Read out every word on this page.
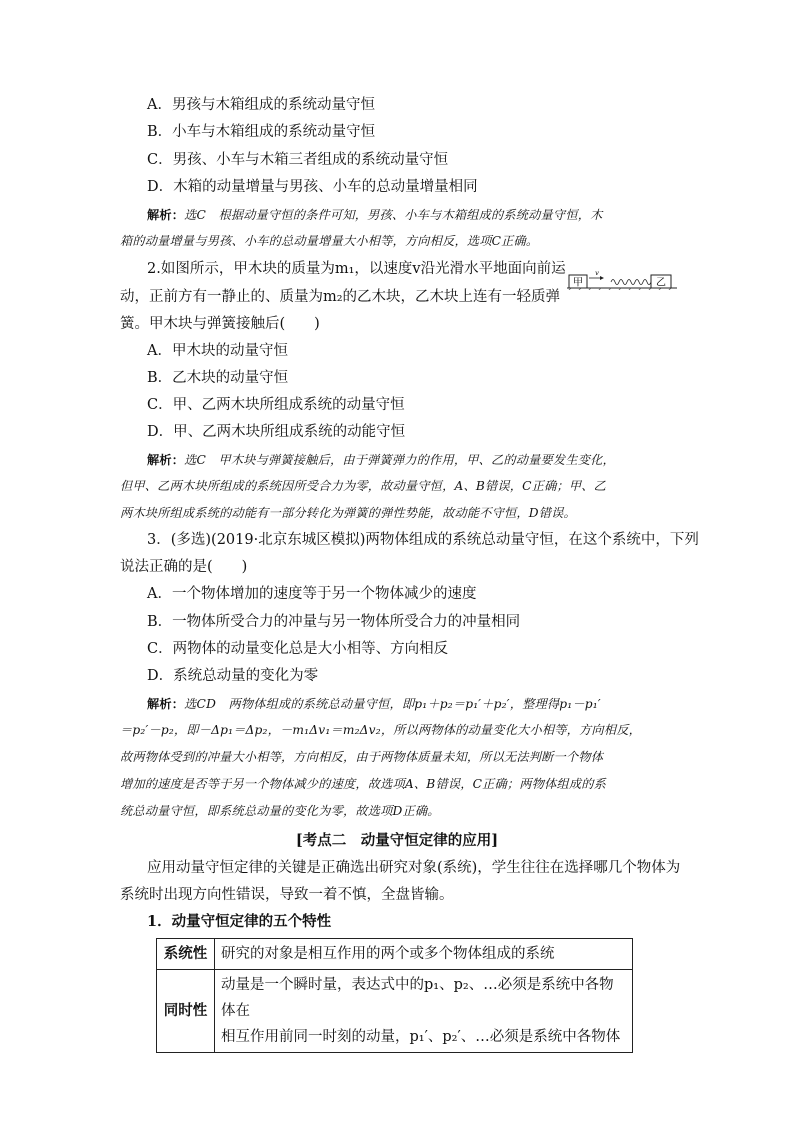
A．男孩与木箱组成的系统动量守恒
B．小车与木箱组成的系统动量守恒
C．男孩、小车与木箱三者组成的系统动量守恒
D．木箱的动量增量与男孩、小车的总动量增量相同
解析：选C　根据动量守恒的条件可知，男孩、小车与木箱组成的系统动量守恒，木
箱的动量增量与男孩、小车的总动量增量大小相等，方向相反，选项C正确。
2.如图所示，甲木块的质量为m₁，以速度v沿光滑水平地面向前运
动，正前方有一静止的、质量为m₂的乙木块，乙木块上连有一轻质弹
簧。甲木块与弹簧接触后(　　)
甲
v
乙
A．甲木块的动量守恒
B．乙木块的动量守恒
C．甲、乙两木块所组成系统的动量守恒
D．甲、乙两木块所组成系统的动能守恒
解析：选C　甲木块与弹簧接触后，由于弹簧弹力的作用，甲、乙的动量要发生变化，
但甲、乙两木块所组成的系统因所受合力为零，故动量守恒，A、B错误，C正确；甲、乙
两木块所组成系统的动能有一部分转化为弹簧的弹性势能，故动能不守恒，D错误。
3．(多选)(2019·北京东城区模拟)两物体组成的系统总动量守恒，在这个系统中，下列
说法正确的是(　　)
A．一个物体增加的速度等于另一个物体减少的速度
B．一物体所受合力的冲量与另一物体所受合力的冲量相同
C．两物体的动量变化总是大小相等、方向相反
D．系统总动量的变化为零
解析：选CD　两物体组成的系统总动量守恒，即p₁＋p₂＝p₁′＋p₂′，整理得p₁－p₁′
＝p₂′－p₂，即－Δp₁＝Δp₂，－m₁Δv₁＝m₂Δv₂，所以两物体的动量变化大小相等，方向相反，
故两物体受到的冲量大小相等，方向相反，由于两物体质量未知，所以无法判断一个物体
增加的速度是否等于另一个物体减少的速度，故选项A、B错误，C正确；两物体组成的系
统总动量守恒，即系统总动量的变化为零，故选项D正确。
[考点二　动量守恒定律的应用]
应用动量守恒定律的关键是正确选出研究对象(系统)，学生往往在选择哪几个物体为
系统时出现方向性错误，导致一着不慎，全盘皆输。
1．动量守恒定律的五个特性
系统性	研究的对象是相互作用的两个或多个物体组成的系统
同时性	动量是一个瞬时量，表达式中的p₁、p₂、…必须是系统中各物体在
相互作用前同一时刻的动量，p₁′、p₂′、…必须是系统中各物体
